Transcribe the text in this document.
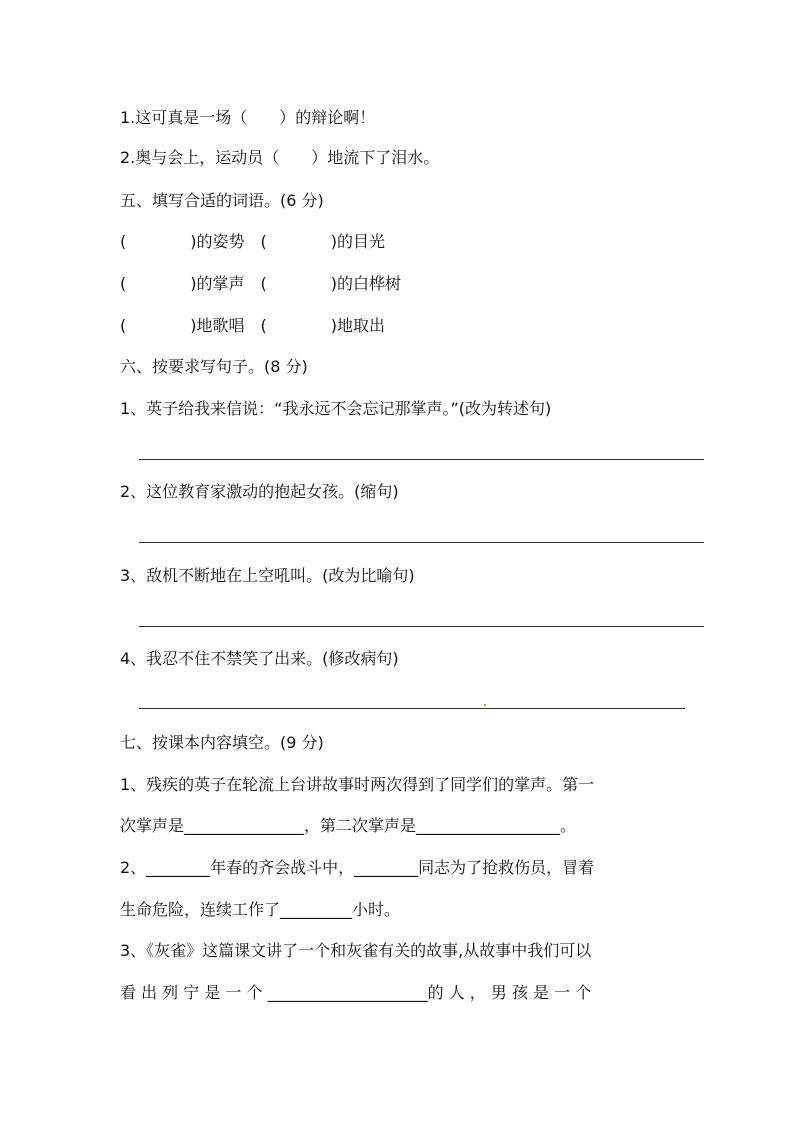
1.这可真是一场（　　）的辩论啊！
2.奥与会上，运动员（　　）地流下了泪水。
五、填写合适的词语。(6 分)
(　　　　)的姿势　(　　　　)的目光
(　　　　)的掌声　(　　　　)的白桦树
(　　　　)地歌唱　(　　　　)地取出
六、按要求写句子。(8 分)
1、英子给我来信说：“我永远不会忘记那掌声。”(改为转述句)
2、这位教育家激动的抱起女孩。(缩句)
3、敌机不断地在上空吼叫。(改为比喻句)
4、我忍不住不禁笑了出来。(修改病句)
七、按课本内容填空。(9 分)
1、残疾的英子在轮流上台讲故事时两次得到了同学们的掌声。第一
次掌声是_______________，第二次掌声是__________________。
2、________年春的齐会战斗中，________同志为了抢救伤员，冒着
生命危险，连续工作了_________小时。
3、《灰雀》这篇课文讲了一个和灰雀有关的故事,从故事中我们可以
看 出 列 宁 是 一 个 ____________________的 人 ， 男 孩 是 一 个
